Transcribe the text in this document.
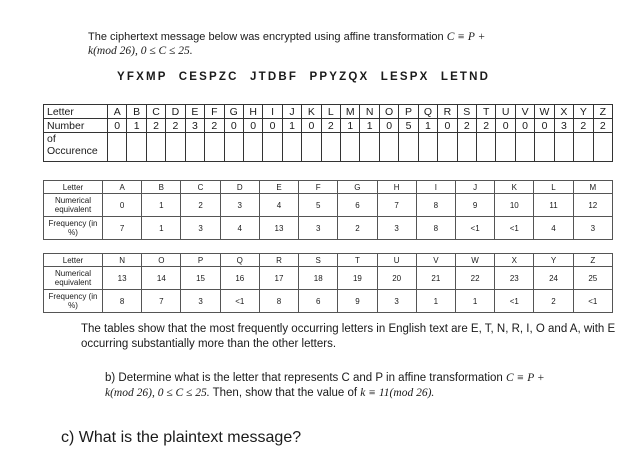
The ciphertext message below was encrypted using affine transformation C ≡ P +
k(mod 26), 0 ≤ C ≤ 25.
YFXMP CESPZC JTDBF PPYZQX LESPX LETND
Letter	A	B	C	D	E	F	G	H	I	J	K	L	M	N	O	P	Q	R	S	T	U	V	W	X	Y	Z
Number	0	1	2	2	3	2	0	0	0	1	0	2	1	1	0	5	1	0	2	2	0	0	0	3	2	2
of
Occurence																										
Letter	A	B	C	D	E	F	G	H	I	J	K	L	M
Numerical equivalent	0	1	2	3	4	5	6	7	8	9	10	11	12
Frequency (in %)	7	1	3	4	13	3	2	3	8	<1	<1	4	3
Letter	N	O	P	Q	R	S	T	U	V	W	X	Y	Z
Numerical equivalent	13	14	15	16	17	18	19	20	21	22	23	24	25
Frequency (in %)	8	7	3	<1	8	6	9	3	1	1	<1	2	<1
The tables show that the most frequently occurring letters in English text are E, T, N, R, I, O and A, with E occurring substantially more than the other letters.
b) Determine what is the letter that represents C and P in affine transformation C ≡ P +
k(mod 26), 0 ≤ C ≤ 25. Then, show that the value of k ≡ 11(mod 26).
c) What is the plaintext message?
